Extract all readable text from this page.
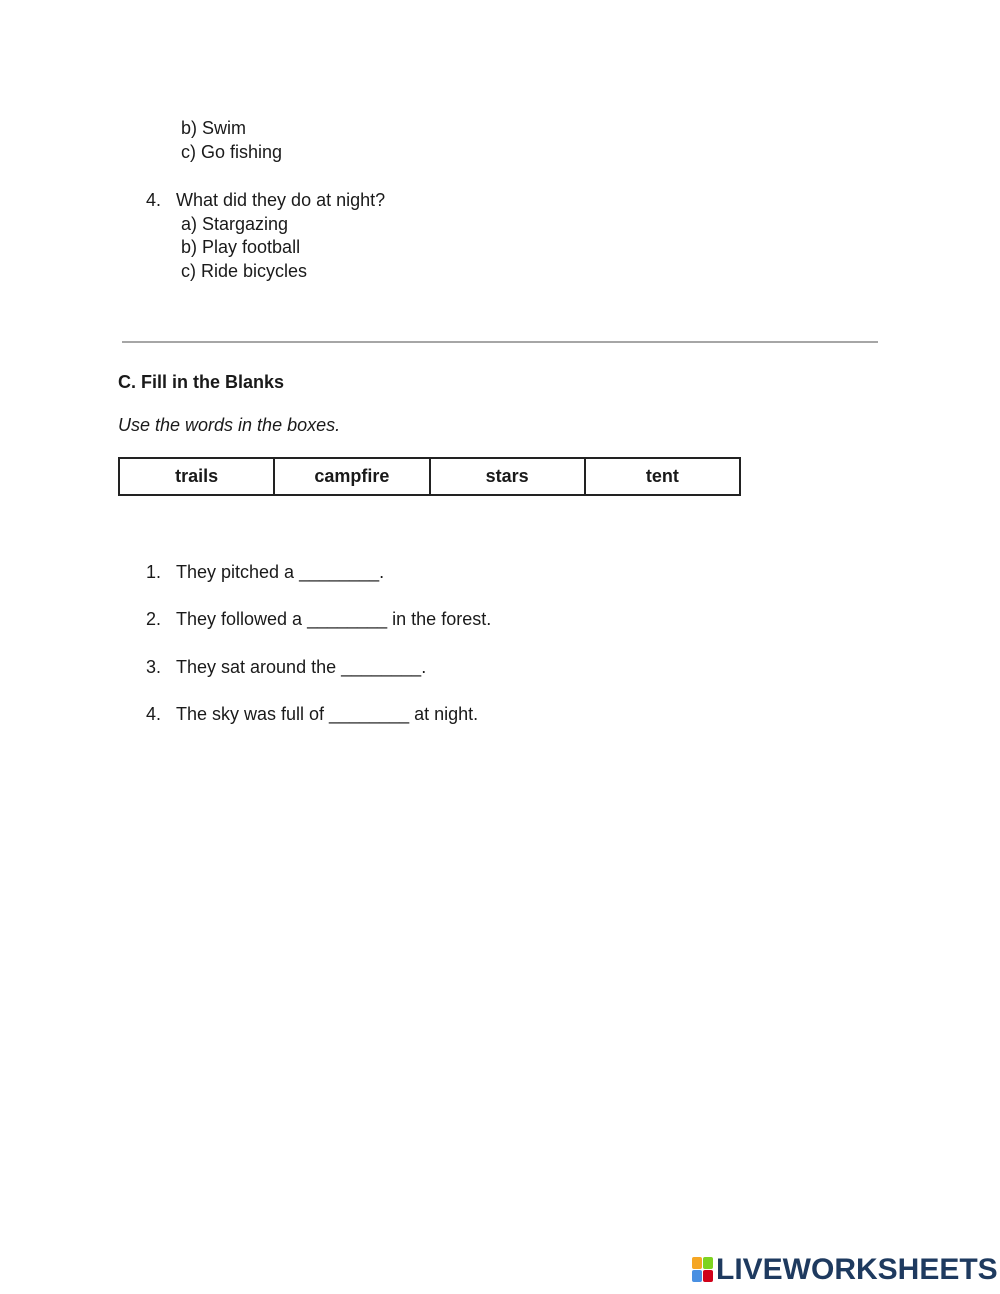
b) Swim
c) Go fishing
4. What did they do at night?
a) Stargazing
b) Play football
c) Ride bicycles
C. Fill in the Blanks
Use the words in the boxes.
trails	campfire	stars	tent
1. They pitched a ________.
2. They followed a ________ in the forest.
3. They sat around the ________.
4. The sky was full of ________ at night.
LIVEWORKSHEETS
